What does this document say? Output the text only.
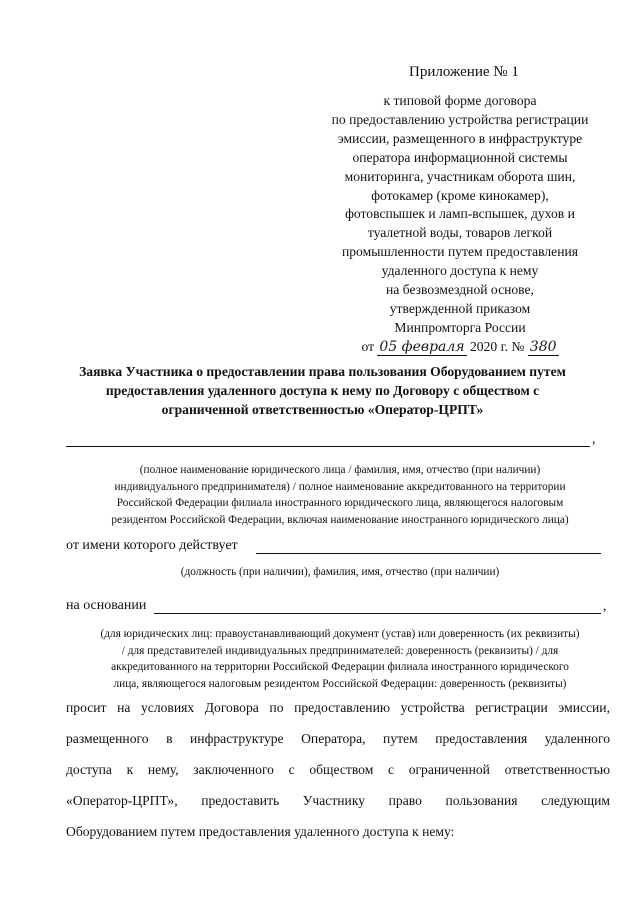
Приложение № 1
к типовой форме договора
по предоставлению устройства регистрации
эмиссии, размещенного в инфраструктуре
оператора информационной системы
мониторинга, участникам оборота шин,
фотокамер (кроме кинокамер),
фотовспышек и ламп-вспышек, духов и
туалетной воды, товаров легкой
промышленности путем предоставления
удаленного доступа к нему
на безвозмездной основе,
утвержденной приказом
Минпромторга России
от 05 февраля 2020 г. № 380
Заявка Участника о предоставлении права пользования Оборудованием путем
предоставления удаленного доступа к нему по Договору с обществом с
ограниченной ответственностью «Оператор-ЦРПТ»
,
(полное наименование юридического лица / фамилия, имя, отчество (при наличии)
индивидуального предпринимателя) / полное наименование аккредитованного на территории
Российской Федерации филиала иностранного юридического лица, являющегося налоговым
резидентом Российской Федерации, включая наименование иностранного юридического лица)
от имени которого действует
(должность (при наличии), фамилия, имя, отчество (при наличии)
на основании	,
(для юридических лиц: правоустанавливающий документ (устав) или доверенность (их реквизиты)
/ для представителей индивидуальных предпринимателей: доверенность (реквизиты) / для
аккредитованного на территории Российской Федерации филиала иностранного юридического
лица, являющегося налоговым резидентом Российской Федерации: доверенность (реквизиты)
просит на условиях Договора по предоставлению устройства регистрации эмиссии,
размещенного в инфраструктуре Оператора, путем предоставления удаленного
доступа к нему, заключенного с обществом с ограниченной ответственностью
«Оператор-ЦРПТ», предоставить Участнику право пользования следующим
Оборудованием путем предоставления удаленного доступа к нему:
